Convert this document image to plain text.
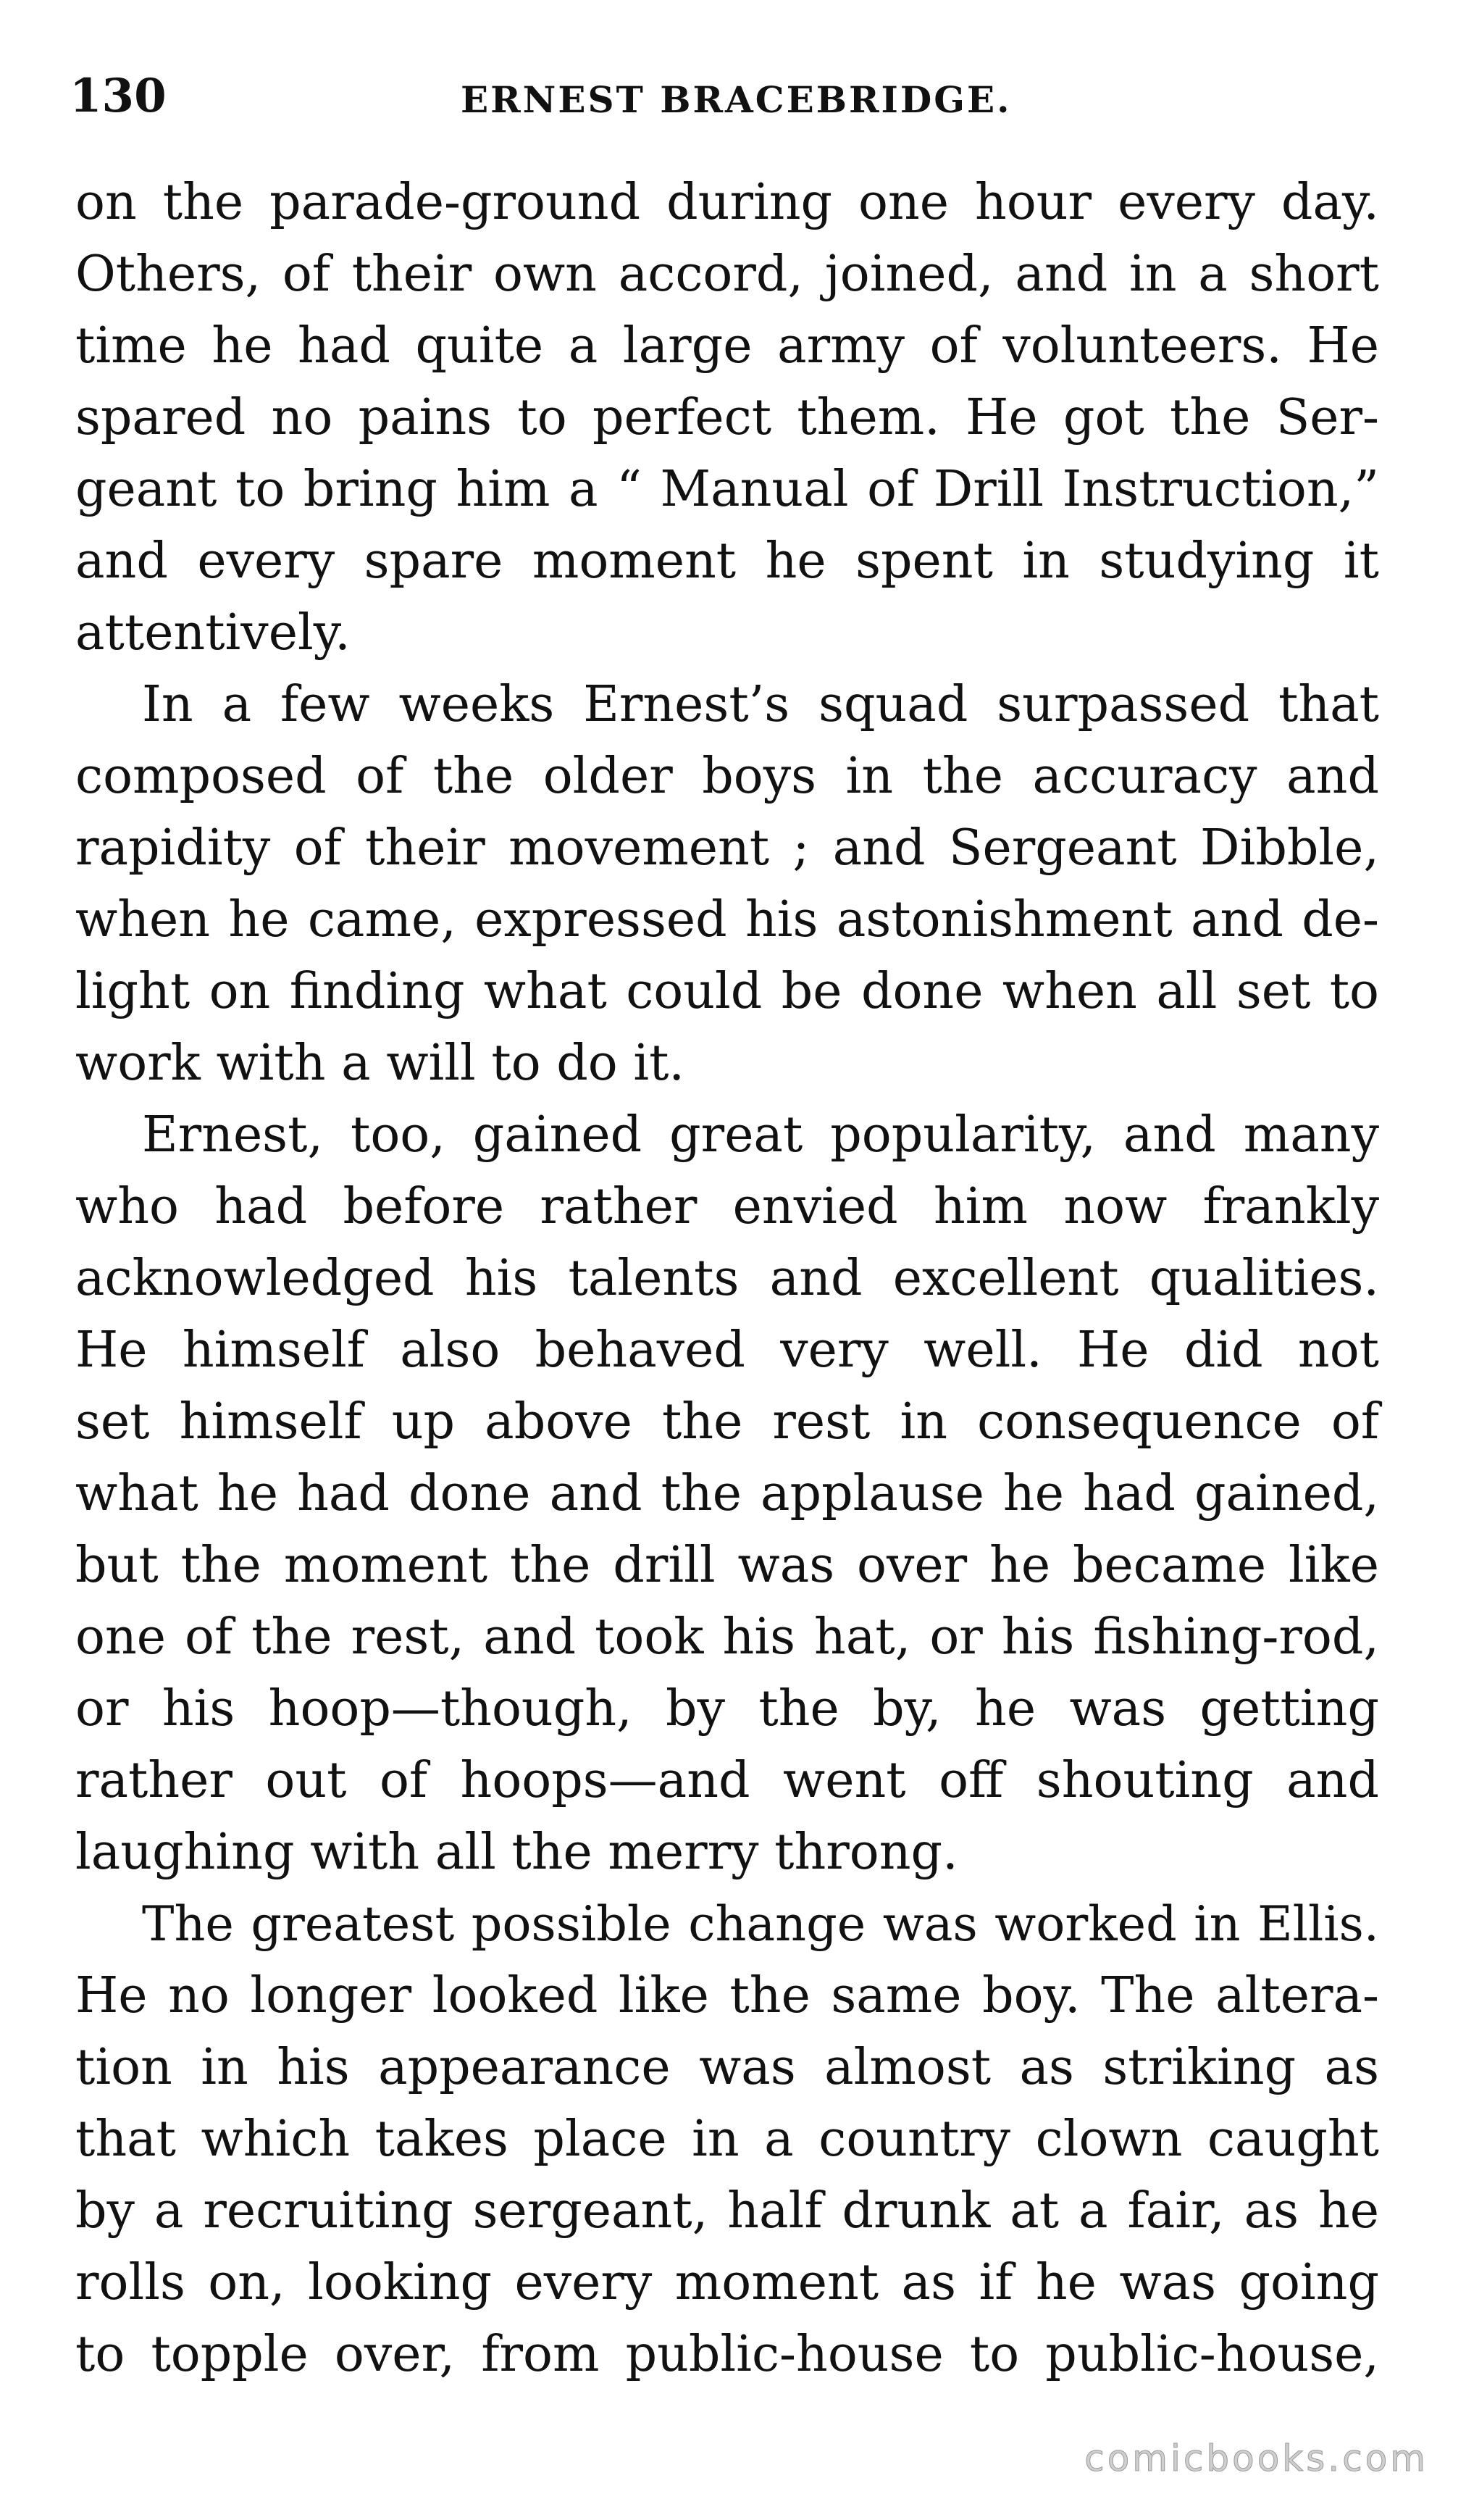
130	ERNEST BRACEBRIDGE.

on the parade-ground during one hour every day.
Others, of their own accord, joined, and in a short
time he had quite a large army of volunteers. He
spared no pains to perfect them. He got the Ser-
geant to bring him a “ Manual of Drill Instruction,”
and every spare moment he spent in studying it
attentively.

In a few weeks Ernest’s squad surpassed that
composed of the older boys in the accuracy and
rapidity of their movement ; and Sergeant Dibble,
when he came, expressed his astonishment and de-
light on finding what could be done when all set to
work with a will to do it.

Ernest, too, gained great popularity, and many
who had before rather envied him now frankly
acknowledged his talents and excellent qualities.
He himself also behaved very well. He did not
set himself up above the rest in consequence of
what he had done and the applause he had gained,
but the moment the drill was over he became like
one of the rest, and took his hat, or his fishing-rod,
or his hoop—though, by the by, he was getting
rather out of hoops—and went off shouting and
laughing with all the merry throng.

The greatest possible change was worked in Ellis.
He no longer looked like the same boy. The altera-
tion in his appearance was almost as striking as
that which takes place in a country clown caught
by a recruiting sergeant, half drunk at a fair, as he
rolls on, looking every moment as if he was going
to topple over, from public-house to public-house,

comicbooks.com
